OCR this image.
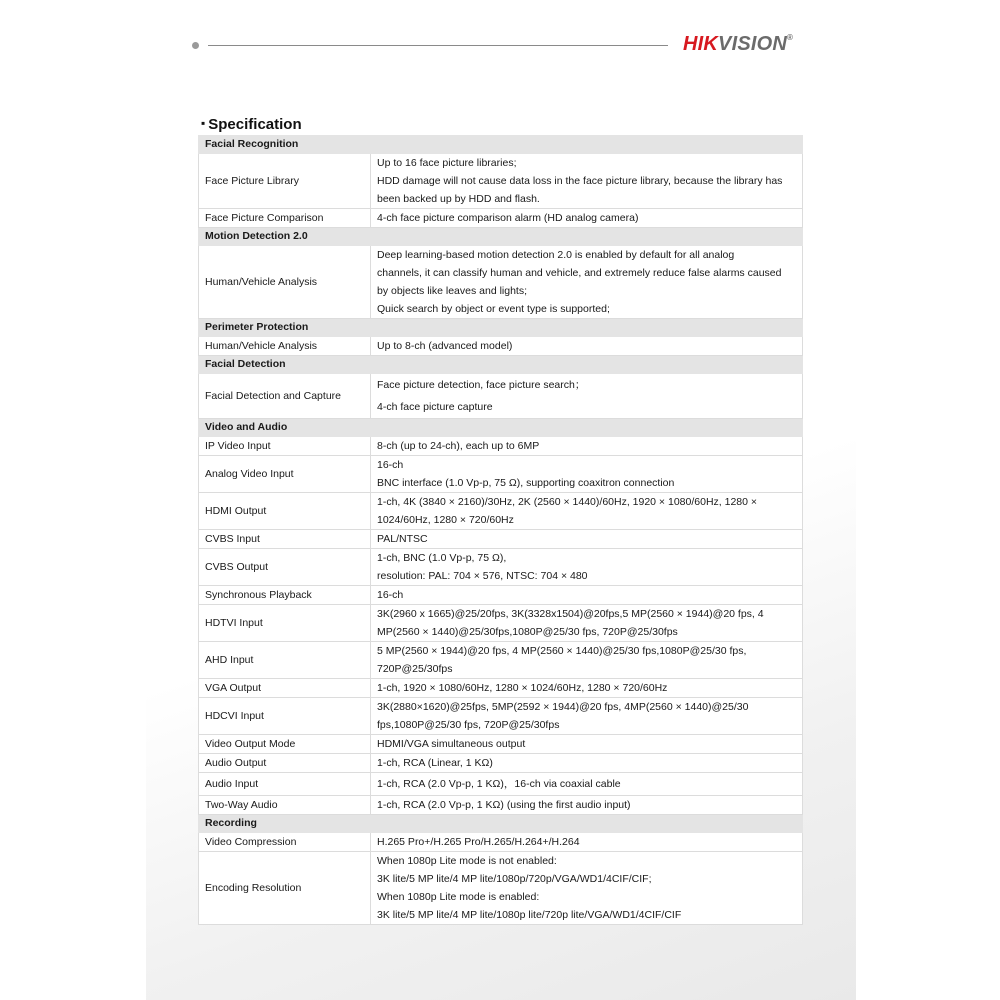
HIKVISION®
▪ Specification
Facial Recognition	
Face Picture Library	Up to 16 face picture libraries;
HDD damage will not cause data loss in the face picture library, because the library has
been backed up by HDD and flash.

Face Picture Comparison	4-ch face picture comparison alarm (HD analog camera)

Motion Detection 2.0	
Human/Vehicle Analysis	Deep learning-based motion detection 2.0 is enabled by default for all analog
channels, it can classify human and vehicle, and extremely reduce false alarms caused
by objects like leaves and lights;
Quick search by object or event type is supported;

Perimeter Protection	
Human/Vehicle Analysis	Up to 8-ch (advanced model)

Facial Detection	
Facial Detection and Capture	Face picture detection, face picture search；
4-ch face picture capture

Video and Audio	
IP Video Input	8-ch (up to 24-ch), each up to 6MP

Analog Video Input	16-ch
BNC interface (1.0 Vp-p, 75 Ω), supporting coaxitron connection

HDMI Output	1-ch, 4K (3840 × 2160)/30Hz, 2K (2560 × 1440)/60Hz, 1920 × 1080/60Hz, 1280 ×
1024/60Hz, 1280 × 720/60Hz

CVBS Input	PAL/NTSC

CVBS Output	1-ch, BNC (1.0 Vp-p, 75 Ω),
resolution: PAL: 704 × 576, NTSC: 704 × 480

Synchronous Playback	16-ch

HDTVI Input	3K(2960 x 1665)@25/20fps, 3K(3328x1504)@20fps,5 MP(2560 × 1944)@20 fps, 4
MP(2560 × 1440)@25/30fps,1080P@25/30 fps, 720P@25/30fps

AHD Input	5 MP(2560 × 1944)@20 fps, 4 MP(2560 × 1440)@25/30 fps,1080P@25/30 fps,
720P@25/30fps

VGA Output	1-ch, 1920 × 1080/60Hz, 1280 × 1024/60Hz, 1280 × 720/60Hz

HDCVI Input	3K(2880×1620)@25fps, 5MP(2592 × 1944)@20 fps, 4MP(2560 × 1440)@25/30
fps,1080P@25/30 fps, 720P@25/30fps

Video Output Mode	HDMI/VGA simultaneous output

Audio Output	1-ch, RCA (Linear, 1 KΩ)

Audio Input	1-ch, RCA (2.0 Vp-p, 1 KΩ)，16-ch via coaxial cable

Two-Way Audio	1-ch, RCA (2.0 Vp-p, 1 KΩ) (using the first audio input)

Recording	
Video Compression	H.265 Pro+/H.265 Pro/H.265/H.264+/H.264

Encoding Resolution	When 1080p Lite mode is not enabled:
3K lite/5 MP lite/4 MP lite/1080p/720p/VGA/WD1/4CIF/CIF;
When 1080p Lite mode is enabled:
3K lite/5 MP lite/4 MP lite/1080p lite/720p lite/VGA/WD1/4CIF/CIF
